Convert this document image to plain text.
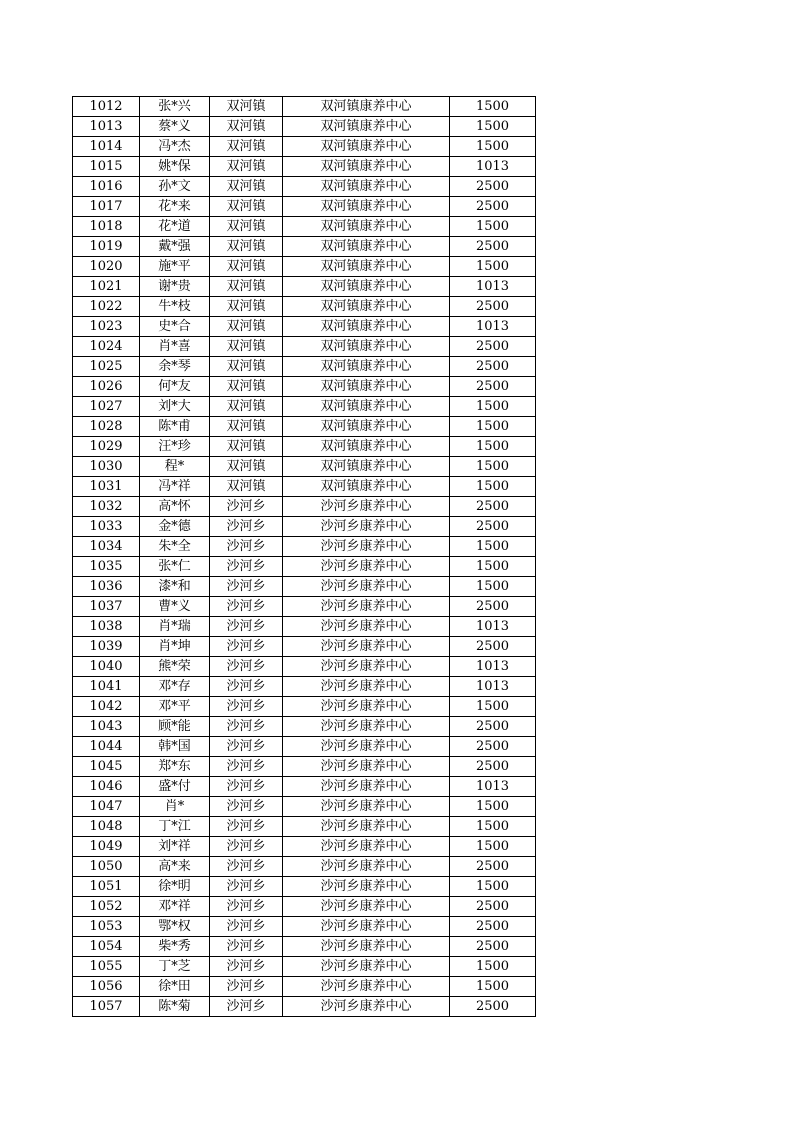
1012	张*兴	双河镇	双河镇康养中心	1500
1013	蔡*义	双河镇	双河镇康养中心	1500
1014	冯*杰	双河镇	双河镇康养中心	1500
1015	姚*保	双河镇	双河镇康养中心	1013
1016	孙*文	双河镇	双河镇康养中心	2500
1017	花*来	双河镇	双河镇康养中心	2500
1018	花*道	双河镇	双河镇康养中心	1500
1019	戴*强	双河镇	双河镇康养中心	2500
1020	施*平	双河镇	双河镇康养中心	1500
1021	谢*贵	双河镇	双河镇康养中心	1013
1022	牛*枝	双河镇	双河镇康养中心	2500
1023	史*合	双河镇	双河镇康养中心	1013
1024	肖*喜	双河镇	双河镇康养中心	2500
1025	余*琴	双河镇	双河镇康养中心	2500
1026	何*友	双河镇	双河镇康养中心	2500
1027	刘*大	双河镇	双河镇康养中心	1500
1028	陈*甫	双河镇	双河镇康养中心	1500
1029	汪*珍	双河镇	双河镇康养中心	1500
1030	程*	双河镇	双河镇康养中心	1500
1031	冯*祥	双河镇	双河镇康养中心	1500
1032	高*怀	沙河乡	沙河乡康养中心	2500
1033	金*德	沙河乡	沙河乡康养中心	2500
1034	朱*全	沙河乡	沙河乡康养中心	1500
1035	张*仁	沙河乡	沙河乡康养中心	1500
1036	漆*和	沙河乡	沙河乡康养中心	1500
1037	曹*义	沙河乡	沙河乡康养中心	2500
1038	肖*瑞	沙河乡	沙河乡康养中心	1013
1039	肖*坤	沙河乡	沙河乡康养中心	2500
1040	熊*荣	沙河乡	沙河乡康养中心	1013
1041	邓*存	沙河乡	沙河乡康养中心	1013
1042	邓*平	沙河乡	沙河乡康养中心	1500
1043	顾*能	沙河乡	沙河乡康养中心	2500
1044	韩*国	沙河乡	沙河乡康养中心	2500
1045	郑*东	沙河乡	沙河乡康养中心	2500
1046	盛*付	沙河乡	沙河乡康养中心	1013
1047	肖*	沙河乡	沙河乡康养中心	1500
1048	丁*江	沙河乡	沙河乡康养中心	1500
1049	刘*祥	沙河乡	沙河乡康养中心	1500
1050	高*来	沙河乡	沙河乡康养中心	2500
1051	徐*明	沙河乡	沙河乡康养中心	1500
1052	邓*祥	沙河乡	沙河乡康养中心	2500
1053	鄂*权	沙河乡	沙河乡康养中心	2500
1054	柴*秀	沙河乡	沙河乡康养中心	2500
1055	丁*芝	沙河乡	沙河乡康养中心	1500
1056	徐*田	沙河乡	沙河乡康养中心	1500
1057	陈*菊	沙河乡	沙河乡康养中心	2500
